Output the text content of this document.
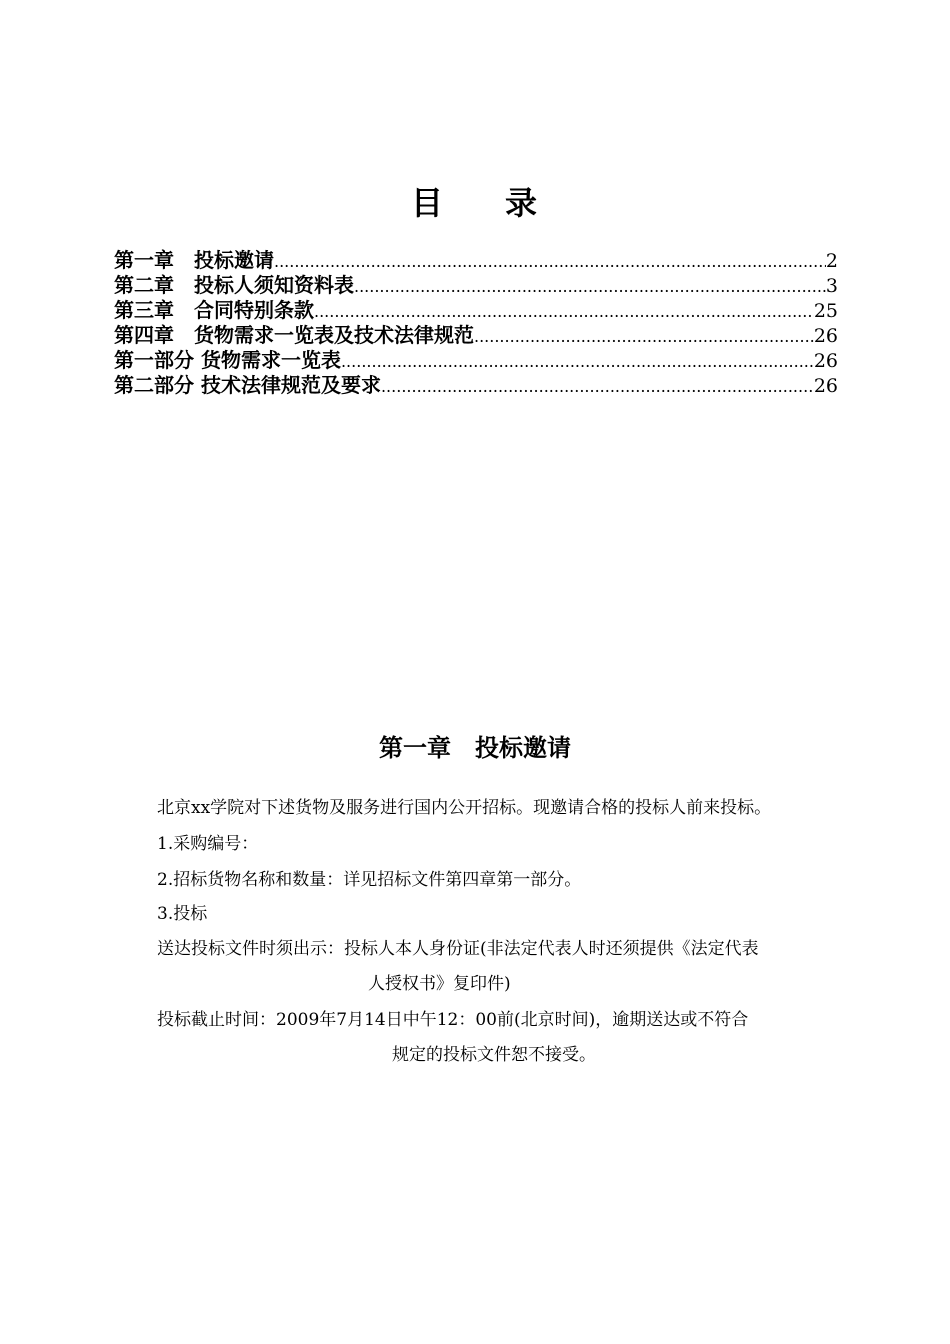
目 录
第一章　投标邀请 .....	2
第二章　投标人须知资料表 .....	3
第三章　合同特别条款 .....	25
第四章　货物需求一览表及技术法律规范 .....	26
第一部分 货物需求一览表 .....	26
第二部分 技术法律规范及要求 .....	26
第一章　投标邀请
北京xx学院对下述货物及服务进行国内公开招标。现邀请合格的投标人前来投标。
1.采购编号：
2.招标货物名称和数量：详见招标文件第四章第一部分。
3.投标
送达投标文件时须出示：投标人本人身份证(非法定代表人时还须提供《法定代表
人授权书》复印件)
投标截止时间：2009年7月14日中午12：00前(北京时间)，逾期送达或不符合
规定的投标文件恕不接受。
